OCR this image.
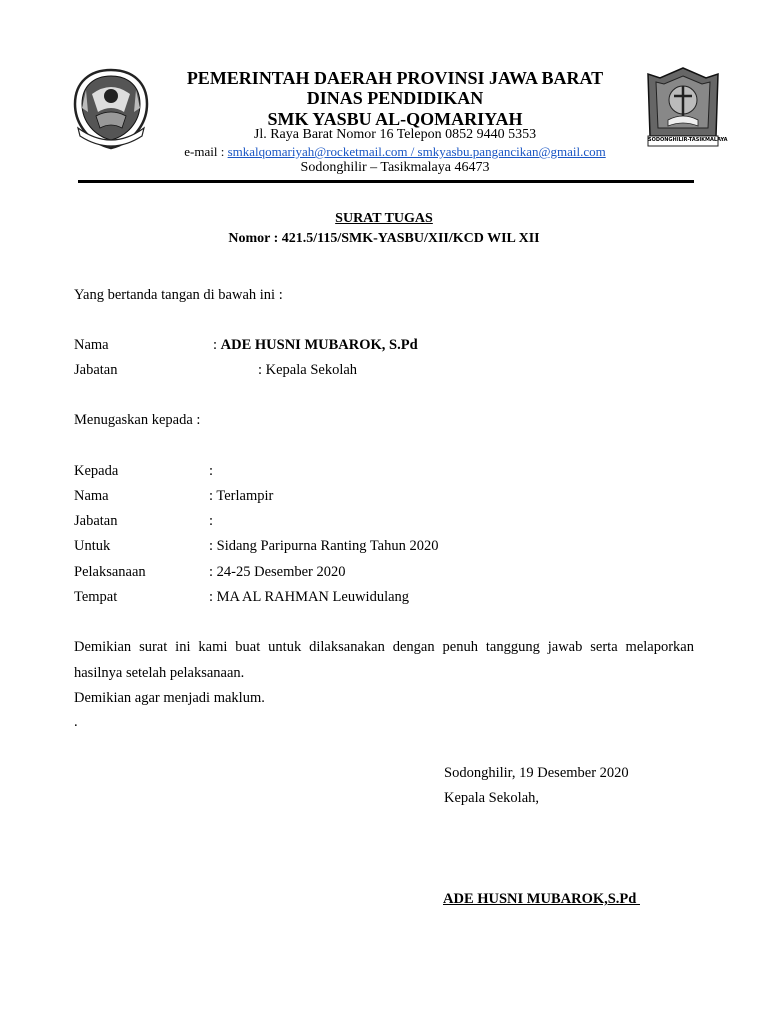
SODONGHILIR-TASIKMALAYA
PEMERINTAH DAERAH PROVINSI JAWA BARAT
DINAS PENDIDIKAN
SMK YASBU AL-QOMARIYAH
Jl. Raya Barat Nomor 16 Telepon 0852 9440 5353
e-mail : smkalqomariyah@rocketmail.com / smkyasbu.pangancikan@gmail.com
Sodonghilir – Tasikmalaya 46473
SURAT TUGAS
Nomor : 421.5/115/SMK-YASBU/XII/KCD WIL XII
Yang bertanda tangan di bawah ini :
Nama	: ADE HUSNI MUBAROK, S.Pd
Jabatan	: Kepala Sekolah
Menugaskan kepada :
Kepada	:
Nama	: Terlampir
Jabatan	:
Untuk	: Sidang Paripurna Ranting Tahun 2020
Pelaksanaan	: 24-25 Desember 2020
Tempat	: MA AL RAHMAN Leuwidulang
Demikian surat ini kami buat untuk dilaksanakan dengan penuh tanggung jawab serta melaporkan
hasilnya setelah pelaksanaan.
Demikian agar menjadi maklum.
.
Sodonghilir, 19 Desember 2020
Kepala Sekolah,
ADE HUSNI MUBAROK,S.Pd
